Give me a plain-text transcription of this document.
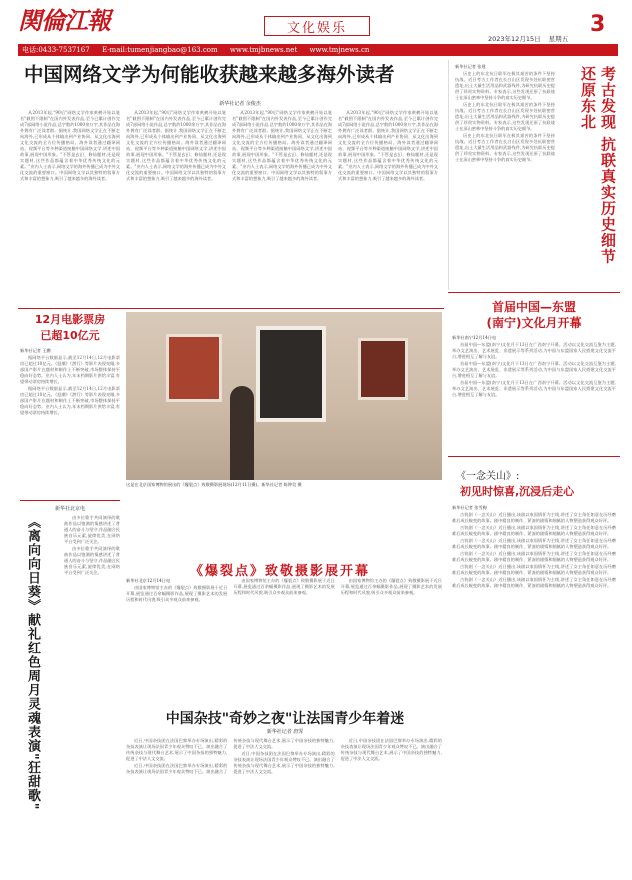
関倫江報	文化娱乐	3
2023年12月15日 星期五
电话:0433-7537167 E-mail:tumenjiangbao@163.com www.tmjbnews.net www.tmjnews.cn	本版责任编辑 乌雅
中国网络文学为何能收获越来越多海外读者
新华社记者 余俊杰

从2013年起,"90后"网络文学作家黄鹤开始以笔名"截图不限制"在国内外发表作品,至今已累计创作完成7部网络小说作品,总字数约1000余万字,其作品在海外拥有广泛读者群。据统计,我国网络文学正在不断走向海外,已形成从个体输出到产业协同、从文化出海到文化交流的全方位传播格局。海外读者通过翻译网站、视频平台等多种渠道接触中国网络文学,讲述中国故事,展现中国形象。"不管是玄幻、修仙题材,还是现实题材,这些作品都蕴含着中华优秀传统文化的元素。"业内人士表示,网络文学的海外传播已成为中外文化交流的重要窗口。中国网络文学以其独特的叙事方式和丰富的想象力,吸引了越来越多的海外读者。

从2013年起,"90后"网络文学作家黄鹤开始以笔名"截图不限制"在国内外发表作品,至今已累计创作完成7部网络小说作品,总字数约1000余万字,其作品在海外拥有广泛读者群。据统计,我国网络文学正在不断走向海外,已形成从个体输出到产业协同、从文化出海到文化交流的全方位传播格局。海外读者通过翻译网站、视频平台等多种渠道接触中国网络文学,讲述中国故事,展现中国形象。"不管是玄幻、修仙题材,还是现实题材,这些作品都蕴含着中华优秀传统文化的元素。"业内人士表示,网络文学的海外传播已成为中外文化交流的重要窗口。中国网络文学以其独特的叙事方式和丰富的想象力,吸引了越来越多的海外读者。

从2013年起,"90后"网络文学作家黄鹤开始以笔名"截图不限制"在国内外发表作品,至今已累计创作完成7部网络小说作品,总字数约1000余万字,其作品在海外拥有广泛读者群。据统计,我国网络文学正在不断走向海外,已形成从个体输出到产业协同、从文化出海到文化交流的全方位传播格局。海外读者通过翻译网站、视频平台等多种渠道接触中国网络文学,讲述中国故事,展现中国形象。"不管是玄幻、修仙题材,还是现实题材,这些作品都蕴含着中华优秀传统文化的元素。"业内人士表示,网络文学的海外传播已成为中外文化交流的重要窗口。中国网络文学以其独特的叙事方式和丰富的想象力,吸引了越来越多的海外读者。

从2013年起,"90后"网络文学作家黄鹤开始以笔名"截图不限制"在国内外发表作品,至今已累计创作完成7部网络小说作品,总字数约1000余万字,其作品在海外拥有广泛读者群。据统计,我国网络文学正在不断走向海外,已形成从个体输出到产业协同、从文化出海到文化交流的全方位传播格局。海外读者通过翻译网站、视频平台等多种渠道接触中国网络文学,讲述中国故事,展现中国形象。"不管是玄幻、修仙题材,还是现实题材,这些作品都蕴含着中华优秀传统文化的元素。"业内人士表示,网络文学的海外传播已成为中外文化交流的重要窗口。中国网络文学以其独特的叙事方式和丰富的想象力,吸引了越来越多的海外读者。

考古发现 抗联真实历史细节 还原东北

新华社记者 张建

历史上的东北抗日联军在极其艰苦的条件下坚持抗战。近日考古工作者在长白山区发现多处抗联密营遗址,出土大量生活用品和武器残件,为研究抗联历史提供了珍贵实物资料。专家表示,这些发现还原了抗联战士在深山密林中坚持斗争的真实历史细节。

历史上的东北抗日联军在极其艰苦的条件下坚持抗战。近日考古工作者在长白山区发现多处抗联密营遗址,出土大量生活用品和武器残件,为研究抗联历史提供了珍贵实物资料。专家表示,这些发现还原了抗联战士在深山密林中坚持斗争的真实历史细节。

历史上的东北抗日联军在极其艰苦的条件下坚持抗战。近日考古工作者在长白山区发现多处抗联密营遗址,出土大量生活用品和武器残件,为研究抗联历史提供了珍贵实物资料。专家表示,这些发现还原了抗联战士在深山密林中坚持斗争的真实历史细节。

12月电影票房
已超10亿元

新华社记者 王鹏

据网络平台数据显示,截至12月14日,12月电影票房已超过10亿元。《怒潮》《潜行》等影片表现亮眼,多部国产影片在题材和制作上不断突破,市场整体保持平稳向好态势。业内人士认为,年末档期影片供给丰富,有望带动票房持续增长。

据网络平台数据显示,截至12月14日,12月电影票房已超过10亿元。《怒潮》《潜行》等影片表现亮眼,多部国产影片在题材和制作上不断突破,市场整体保持平稳向好态势。业内人士认为,年末档期影片供给丰富,有望带动票房持续增长。

这是在北京国家博物馆展出的《爆裂点》致敬摄影展现场(12月11日摄)。新华社记者 陈钟昊 摄
新华社北京电
《离向向日葵》献礼红色周月灵魂表演"狂甜歌"	由多位歌手共同演绎的歌曲作品以饱满的情感讲述了普通人的奋斗与坚守,作品融合民族音乐元素,旋律优美,在网络平台受到广泛关注。

由多位歌手共同演绎的歌曲作品以饱满的情感讲述了普通人的奋斗与坚守,作品融合民族音乐元素,旋律优美,在网络平台受到广泛关注。	《爆裂点》致敬摄影展开幕

新华社北京12月14日电

由国家博物馆主办的《爆裂点》致敬摄影展于近日开幕,展览通过百余幅摄影作品,展现了摄影艺术的发展历程和时代风貌,吸引众多观众前来参观。

由国家博物馆主办的《爆裂点》致敬摄影展于近日开幕,展览通过百余幅摄影作品,展现了摄影艺术的发展历程和时代风貌,吸引众多观众前来参观。

由国家博物馆主办的《爆裂点》致敬摄影展于近日开幕,展览通过百余幅摄影作品,展现了摄影艺术的发展历程和时代风貌,吸引众多观众前来参观。

中国杂技"奇妙之夜"让法国青少年着迷
新华社记者 唐霁

近日,中国杂技团在法国巴黎举办专场演出,精彩的杂技表演让现场法国青少年观众赞叹不已。演出融合了传统杂技与现代舞台艺术,展示了中国杂技的独特魅力,促进了中法人文交流。

近日,中国杂技团在法国巴黎举办专场演出,精彩的杂技表演让现场法国青少年观众赞叹不已。演出融合了传统杂技与现代舞台艺术,展示了中国杂技的独特魅力,促进了中法人文交流。

近日,中国杂技团在法国巴黎举办专场演出,精彩的杂技表演让现场法国青少年观众赞叹不已。演出融合了传统杂技与现代舞台艺术,展示了中国杂技的独特魅力,促进了中法人文交流。

近日,中国杂技团在法国巴黎举办专场演出,精彩的杂技表演让现场法国青少年观众赞叹不已。演出融合了传统杂技与现代舞台艺术,展示了中国杂技的独特魅力,促进了中法人文交流。

首届中国—东盟
(南宁)文化月开幕

新华社南宁12月14日电

首届中国—东盟(南宁)文化月于13日在广西南宁开幕。活动以文化交流互鉴为主题,举办文艺演出、艺术展览、非遗展示等系列活动,为中国与东盟国家人民搭建文化交流平台,增进相互了解与友谊。

首届中国—东盟(南宁)文化月于13日在广西南宁开幕。活动以文化交流互鉴为主题,举办文艺演出、艺术展览、非遗展示等系列活动,为中国与东盟国家人民搭建文化交流平台,增进相互了解与友谊。

首届中国—东盟(南宁)文化月于13日在广西南宁开幕。活动以文化交流互鉴为主题,举办文艺演出、艺术展览、非遗展示等系列活动,为中国与东盟国家人民搭建文化交流平台,增进相互了解与友谊。

《一念关山》:
初见时惊喜,沉浸后走心

新华社记者 张雪梅

古装剧《一念关山》近日播出,该剧以家国情怀为主线,讲述了女主角任如意在历经磨难后成长蜕变的故事。剧中精良的制作、紧凑的剧情和细腻的人物塑造获得观众好评。

古装剧《一念关山》近日播出,该剧以家国情怀为主线,讲述了女主角任如意在历经磨难后成长蜕变的故事。剧中精良的制作、紧凑的剧情和细腻的人物塑造获得观众好评。

古装剧《一念关山》近日播出,该剧以家国情怀为主线,讲述了女主角任如意在历经磨难后成长蜕变的故事。剧中精良的制作、紧凑的剧情和细腻的人物塑造获得观众好评。

古装剧《一念关山》近日播出,该剧以家国情怀为主线,讲述了女主角任如意在历经磨难后成长蜕变的故事。剧中精良的制作、紧凑的剧情和细腻的人物塑造获得观众好评。

古装剧《一念关山》近日播出,该剧以家国情怀为主线,讲述了女主角任如意在历经磨难后成长蜕变的故事。剧中精良的制作、紧凑的剧情和细腻的人物塑造获得观众好评。

古装剧《一念关山》近日播出,该剧以家国情怀为主线,讲述了女主角任如意在历经磨难后成长蜕变的故事。剧中精良的制作、紧凑的剧情和细腻的人物塑造获得观众好评。
